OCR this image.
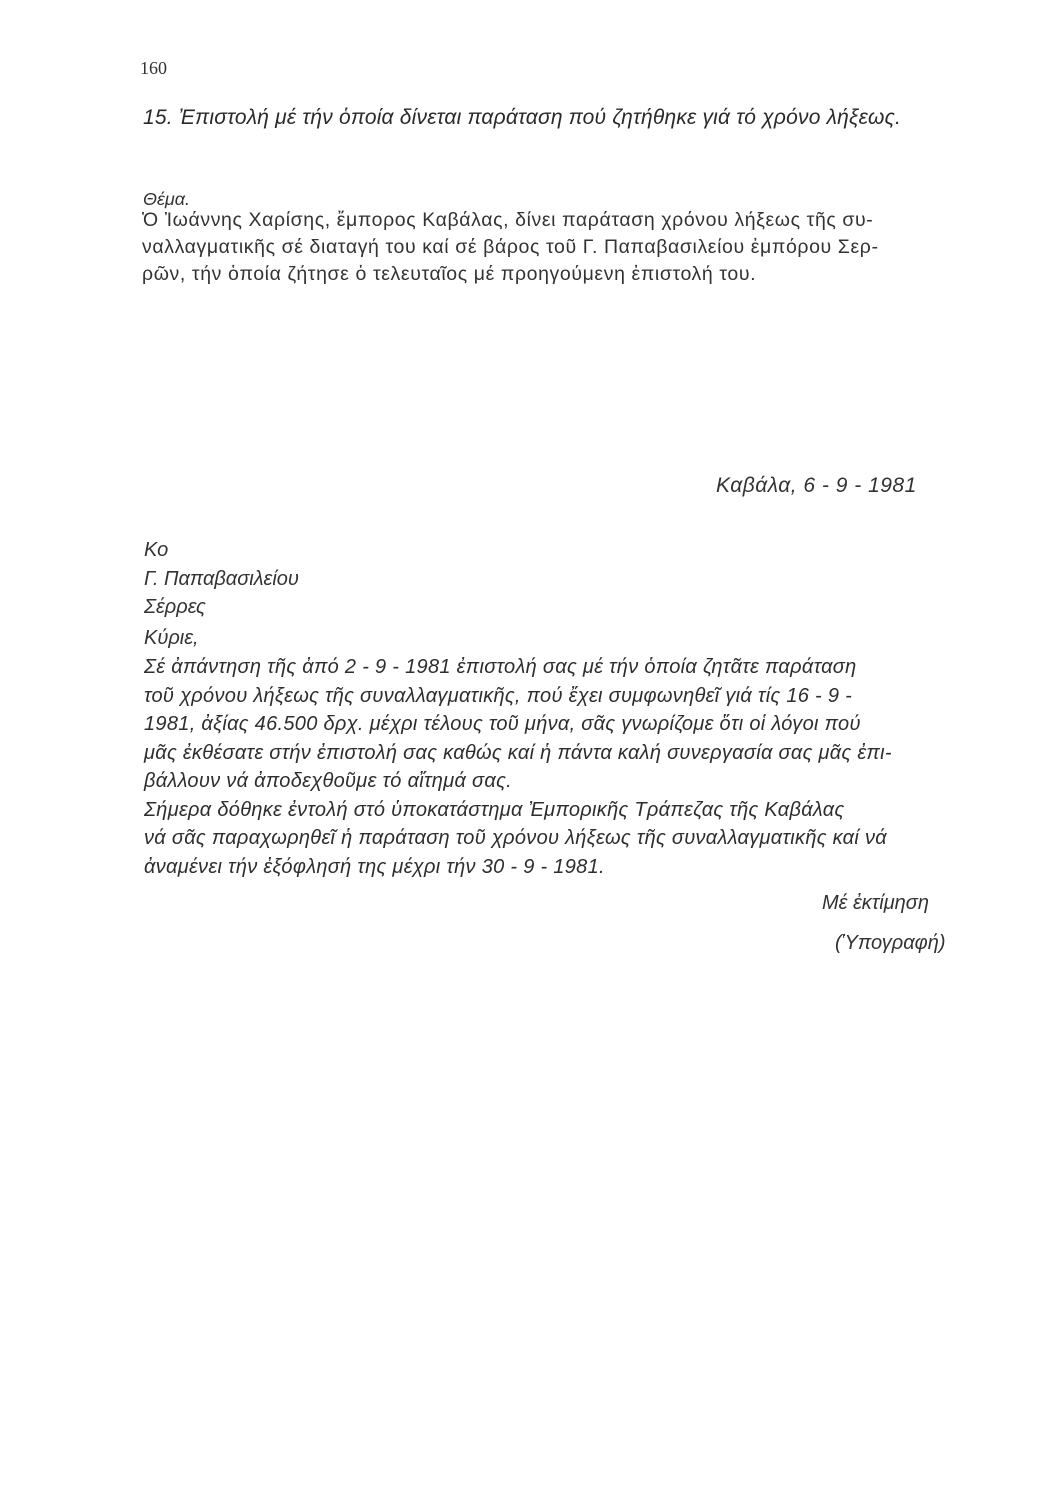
160
15. Ἐπιστολή μέ τήν ὁποία δίνεται παράταση πού ζητήθηκε γιά τό χρόνο λήξεως.
Θέμα.
Ὁ Ἰωάννης Χαρίσης, ἔμπορος Καβάλας, δίνει παράταση χρόνου λήξεως τῆς συ-
ναλλαγματικῆς σέ διαταγή του καί σέ βάρος τοῦ Γ. Παπαβασιλείου ἐμπόρου Σερ-
ρῶν, τήν ὁποία ζήτησε ὁ τελευταῖος μέ προηγούμενη ἐπιστολή του.
Καβάλα, 6 - 9 - 1981
Κο
Γ. Παπαβασιλείου
Σέρρες
Κύριε,
Σέ ἀπάντηση τῆς ἀπό 2 - 9 - 1981 ἐπιστολή σας μέ τήν ὁποία ζητᾶτε παράταση
τοῦ χρόνου λήξεως τῆς συναλλαγματικῆς, πού ἔχει συμφωνηθεῖ γιά τίς 16 - 9 -
1981, ἀξίας 46.500 δρχ. μέχρι τέλους τοῦ μήνα, σᾶς γνωρίζομε ὅτι οἱ λόγοι πού
μᾶς ἐκθέσατε στήν ἐπιστολή σας καθώς καί ἡ πάντα καλή συνεργασία σας μᾶς ἐπι-
βάλλουν νά ἀποδεχθοῦμε τό αἴτημά σας.
Σήμερα δόθηκε ἐντολή στό ὑποκατάστημα Ἐμπορικῆς Τράπεζας τῆς Καβάλας
νά σᾶς παραχωρηθεῖ ἡ παράταση τοῦ χρόνου λήξεως τῆς συναλλαγματικῆς καί νά
ἀναμένει τήν ἐξόφλησή της μέχρι τήν 30 - 9 - 1981.
Μέ ἐκτίμηση
(Ὑπογραφή)
